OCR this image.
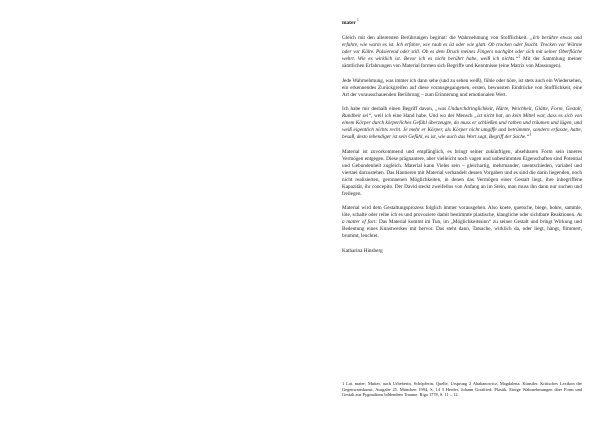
mater $^1$

Gleich mit den allerersten Berührungen beginnt: die Wahrnehmung von Stofflichkeit. „Ich berühre etwas und erfahre, wie warm es ist. Ich erfahre, wie rauh es ist oder wie glatt. Ob trocken oder feucht. Trocken vor Wärme oder vor Kälte. Pulsierend oder still. Ob es dem Druck meines Fingers nachgibt oder sich mit seiner Oberfläche wehrt. Wie es wirklich ist. Bevor ich es nicht berührt habe, weiß ich nichts.“$^2$ Mit der Sammlung meiner sämtlichen Erfahrungen von Material formen sich Begriffe und Kenntnisse (eine Matrix von Massungen).

Jede Wahrnehmung, was immer ich dann sehe (und zu sehen weiß), fühle oder höre, ist stets auch ein Wiedersehen, ein erkennendes Zurückgreifen auf diese vorausgegangenen, ersten, bewussten Eindrücke von Stofflichkeit, eine Art der vorausschauenden Berührung – zum Erinnerung und emotionalen Wert.

Ich habe mir deshalb einen Begriff davon, „was Undurchdringlichkeit, Härte, Weichheit, Glätte, Form, Gestalt, Rundheit sei“, weil ich eine Hand habe. Und wo der Mensch „ist nicht hat, an kein Mittel war, dass es sich von einem Körper durch körperliches Gefühl überzeugte, da muss er schließen und rathen und träumen und lügen, und weiß eigentlich nichts recht. Je mehr er Körper, als Körper nicht umgiffe und betrümmte, sondern erfasste, hatte, besaß, desto lebendiger ist sein Gefühl, es ist, wie auch das Wort sagt, Begriff der Sache.“$^3$

Material ist zuvorkommend und empfänglich, es bringt seiner zukünftigen, absehbaren Form sein inneres Vermögen entgegen. Diese prägnantere, aber vielleicht noch vagen und unbestimmten Eigenschaften sind Potential und Gebundenheit zugleich. Material kann Vieles sein – gleichartig, mehrmander, unentschieden, variabel und viertael darzustehen. Das Hantieren mit Material verhandelt dessen Vorgaben und es sind die darin liegenden, noch nicht realisierten, geronnenen Möglichkeiten, in denen das Vermögen einer Gestalt liegt, ihre inbegriffene Kapazität, ihr concepito. Der David steckt zweifellos von Anfang an im Stein, man muss ihn dann nur suchen und freilegen.

Material wird dem Gestaltungsprozess folglich immer vorausgehen. Also knete, quetsche, biege, bohre, sammle, löte, schalte oder reibe ich es und provoziere damit bestimmte plastische, klangliche oder sichtbare Reaktionen. As a matter of fact: Das Material kommt im Tun, im „Möglichkeitssinn“ zu seiner Gestalt und bringt Wirkung und Bedeutung eines Kunstwerkes mit hervor. Das steht dann, Tatsache, wirklich da, oder liegt, hängt, flimmert, brummt, leuchtet.

Katharina Hinsberg

1 Lat. mater: Mutter, auch Urheberin, Schöpferin, Quelle, Ursprung 2 Abakanowicz, Magdalena. Künstler. Kritisches Lexikon der Gegenwartskunst, Ausgabe 25. München 1994, S. 14 3 Herder, Johann Gottfried: Plastik. Einige Wahrnehmungen über Form und Gestalt aus Pygmalions bildendem Traume. Riga 1778, S. 11 – 12.
